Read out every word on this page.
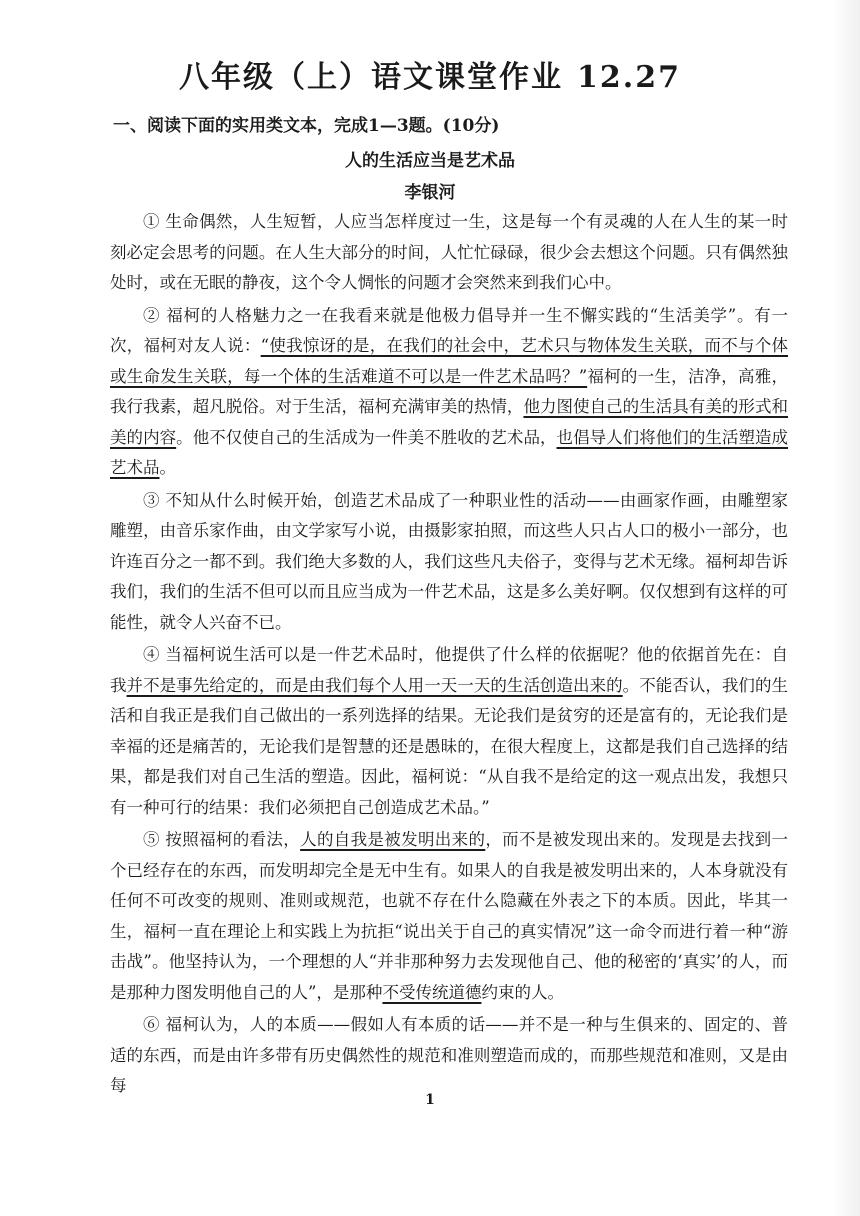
八年级（上）语文课堂作业 12.27
一、阅读下面的实用类文本，完成1—3题。(10分)
人的生活应当是艺术品
李银河

① 生命偶然，人生短暂，人应当怎样度过一生，这是每一个有灵魂的人在人生的某一时刻必定会思考的问题。在人生大部分的时间，人忙忙碌碌，很少会去想这个问题。只有偶然独处时，或在无眠的静夜，这个令人惆怅的问题才会突然来到我们心中。

② 福柯的人格魅力之一在我看来就是他极力倡导并一生不懈实践的“生活美学”。有一次，福柯对友人说：“使我惊讶的是，在我们的社会中，艺术只与物体发生关联，而不与个体或生命发生关联，每一个体的生活难道不可以是一件艺术品吗？”福柯的一生，洁净，高雅，我行我素，超凡脱俗。对于生活，福柯充满审美的热情，他力图使自己的生活具有美的形式和美的内容。他不仅使自己的生活成为一件美不胜收的艺术品，也倡导人们将他们的生活塑造成艺术品。

③ 不知从什么时候开始，创造艺术品成了一种职业性的活动——由画家作画，由雕塑家雕塑，由音乐家作曲，由文学家写小说，由摄影家拍照，而这些人只占人口的极小一部分，也许连百分之一都不到。我们绝大多数的人，我们这些凡夫俗子，变得与艺术无缘。福柯却告诉我们，我们的生活不但可以而且应当成为一件艺术品，这是多么美好啊。仅仅想到有这样的可能性，就令人兴奋不已。

④ 当福柯说生活可以是一件艺术品时，他提供了什么样的依据呢？他的依据首先在：自我并不是事先给定的，而是由我们每个人用一天一天的生活创造出来的。不能否认，我们的生活和自我正是我们自己做出的一系列选择的结果。无论我们是贫穷的还是富有的，无论我们是幸福的还是痛苦的，无论我们是智慧的还是愚昧的，在很大程度上，这都是我们自己选择的结果，都是我们对自己生活的塑造。因此，福柯说：“从自我不是给定的这一观点出发，我想只有一种可行的结果：我们必须把自己创造成艺术品。”

⑤ 按照福柯的看法，人的自我是被发明出来的，而不是被发现出来的。发现是去找到一个已经存在的东西，而发明却完全是无中生有。如果人的自我是被发明出来的，人本身就没有任何不可改变的规则、准则或规范，也就不存在什么隐藏在外表之下的本质。因此，毕其一生，福柯一直在理论上和实践上为抗拒“说出关于自己的真实情况”这一命令而进行着一种“游击战”。他坚持认为，一个理想的人“并非那种努力去发现他自己、他的秘密的‘真实’的人，而是那种力图发明他自己的人”，是那种不受传统道德约束的人。

⑥ 福柯认为，人的本质——假如人有本质的话——并不是一种与生俱来的、固定的、普适的东西，而是由许多带有历史偶然性的规范和准则塑造而成的，而那些规范和准则，又是由每

1
